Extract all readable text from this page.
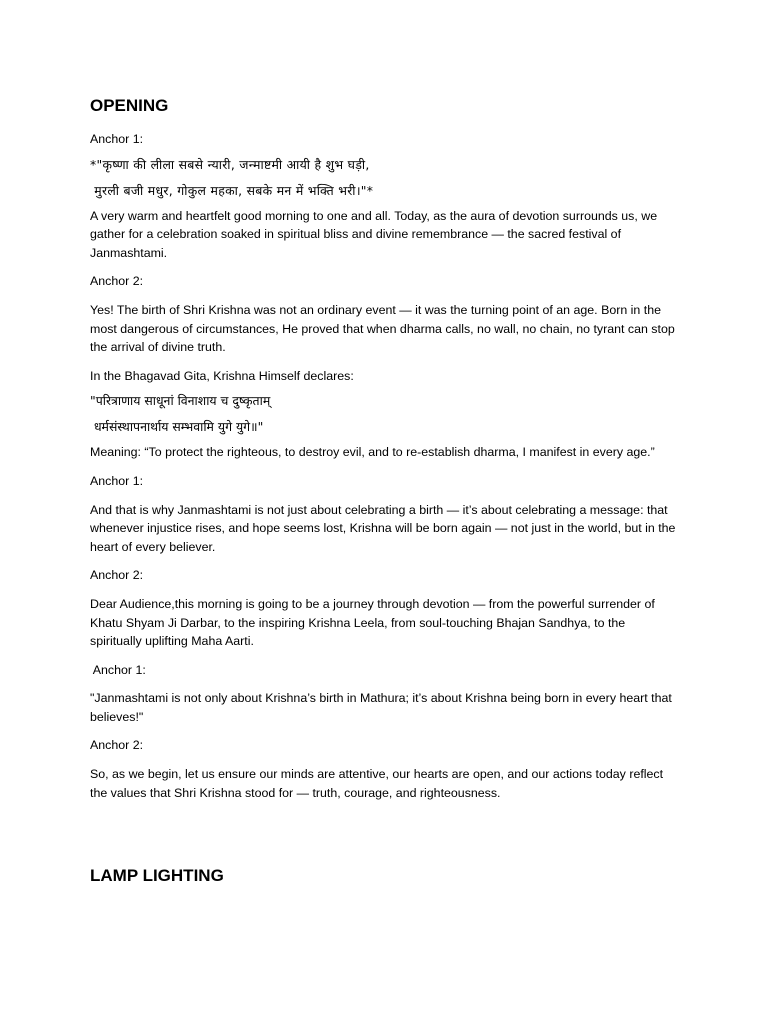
OPENING

Anchor 1:

*"कृष्णा की लीला सबसे न्यारी, जन्माष्टमी आयी है शुभ घड़ी,

मुरली बजी मधुर, गोकुल महका, सबके मन में भक्ति भरी।"*

A very warm and heartfelt good morning to one and all. Today, as the aura of devotion surrounds us, we gather for a celebration soaked in spiritual bliss and divine remembrance — the sacred festival of Janmashtami.

Anchor 2:

Yes! The birth of Shri Krishna was not an ordinary event — it was the turning point of an age. Born in the most dangerous of circumstances, He proved that when dharma calls, no wall, no chain, no tyrant can stop the arrival of divine truth.

In the Bhagavad Gita, Krishna Himself declares:

"परित्राणाय साधूनां विनाशाय च दुष्कृताम्

धर्मसंस्थापनार्थाय सम्भवामि युगे युगे॥"

Meaning: “To protect the righteous, to destroy evil, and to re-establish dharma, I manifest in every age.”

Anchor 1:

And that is why Janmashtami is not just about celebrating a birth — it’s about celebrating a message: that whenever injustice rises, and hope seems lost, Krishna will be born again — not just in the world, but in the heart of every believer.

Anchor 2:

Dear Audience,this morning is going to be a journey through devotion — from the powerful surrender of Khatu Shyam Ji Darbar, to the inspiring Krishna Leela, from soul-touching Bhajan Sandhya, to the spiritually uplifting Maha Aarti.

Anchor 1:

"Janmashtami is not only about Krishna’s birth in Mathura; it’s about Krishna being born in every heart that believes!"

Anchor 2:

So, as we begin, let us ensure our minds are attentive, our hearts are open, and our actions today reflect the values that Shri Krishna stood for — truth, courage, and righteousness.

LAMP LIGHTING
